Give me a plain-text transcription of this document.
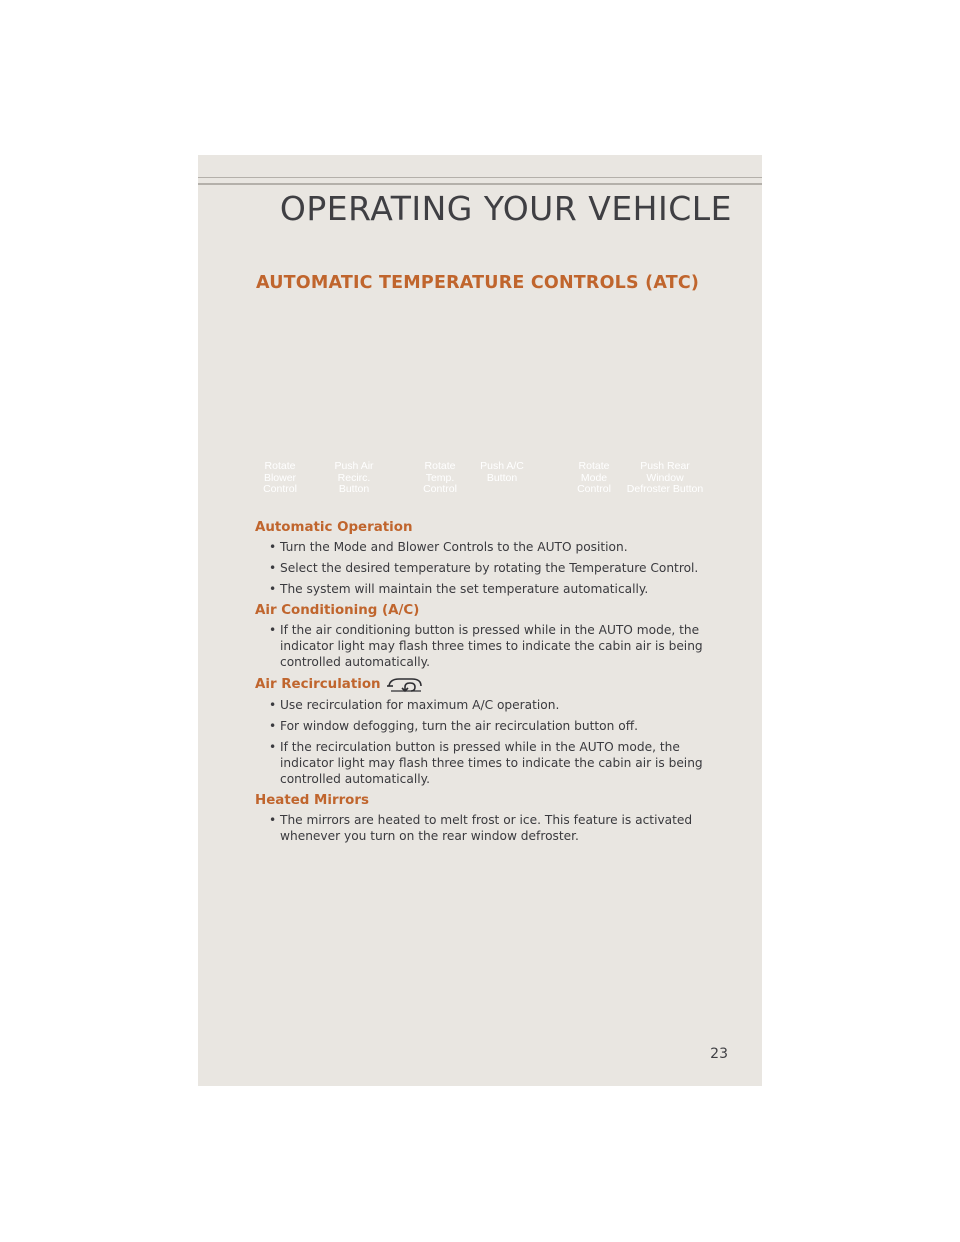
OPERATING YOUR VEHICLE
AUTOMATIC TEMPERATURE CONTROLS (ATC)
Rotate
Blower
Control
Push Air
Recirc.
Button
Rotate
Temp.
Control
Push A/C
Button
Rotate
Mode
Control
Push Rear
Window
Defroster Button
Automatic Operation
• Turn the Mode and Blower Controls to the AUTO position.
• Select the desired temperature by rotating the Temperature Control.
• The system will maintain the set temperature automatically.
Air Conditioning (A/C)
• If the air conditioning button is pressed while in the AUTO mode, the indicator light may flash three times to indicate the cabin air is being controlled automatically.
Air Recirculation
• Use recirculation for maximum A/C operation.
• For window defogging, turn the air recirculation button off.
• If the recirculation button is pressed while in the AUTO mode, the indicator light may flash three times to indicate the cabin air is being controlled automatically.
Heated Mirrors
• The mirrors are heated to melt frost or ice. This feature is activated whenever you turn on the rear window defroster.
23
